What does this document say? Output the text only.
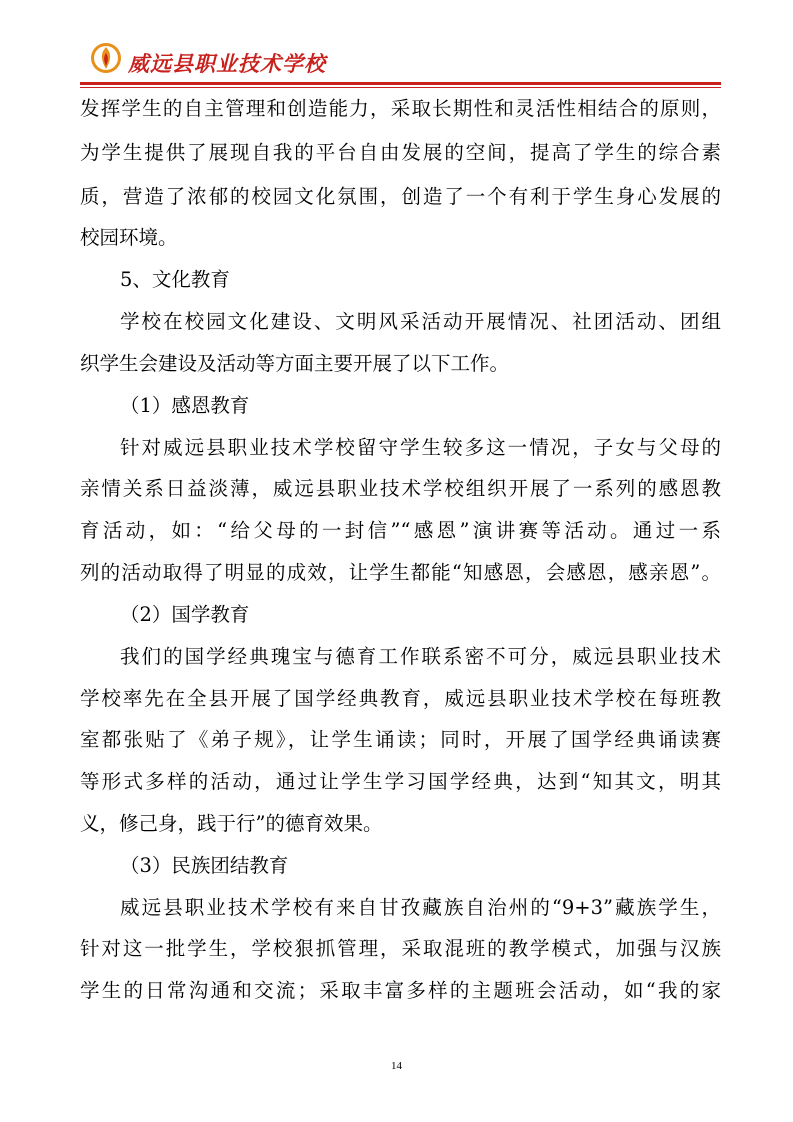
威远县职业技术学校
发挥学生的自主管理和创造能力，采取长期性和灵活性相结合的原则，
为学生提供了展现自我的平台自由发展的空间，提高了学生的综合素
质，营造了浓郁的校园文化氛围，创造了一个有利于学生身心发展的
校园环境。
5、文化教育
学校在校园文化建设、文明风采活动开展情况、社团活动、团组
织学生会建设及活动等方面主要开展了以下工作。
（1）感恩教育
针对威远县职业技术学校留守学生较多这一情况，子女与父母的
亲情关系日益淡薄，威远县职业技术学校组织开展了一系列的感恩教
育活动，如：“给父母的一封信”“感恩”演讲赛等活动。通过一系
列的活动取得了明显的成效，让学生都能“知感恩，会感恩，感亲恩”。
（2）国学教育
我们的国学经典瑰宝与德育工作联系密不可分，威远县职业技术
学校率先在全县开展了国学经典教育，威远县职业技术学校在每班教
室都张贴了《弟子规》，让学生诵读；同时，开展了国学经典诵读赛
等形式多样的活动，通过让学生学习国学经典，达到“知其文，明其
义，修己身，践于行”的德育效果。
（3）民族团结教育
威远县职业技术学校有来自甘孜藏族自治州的“9+3”藏族学生，
针对这一批学生，学校狠抓管理，采取混班的教学模式，加强与汉族
学生的日常沟通和交流；采取丰富多样的主题班会活动，如“我的家
14
